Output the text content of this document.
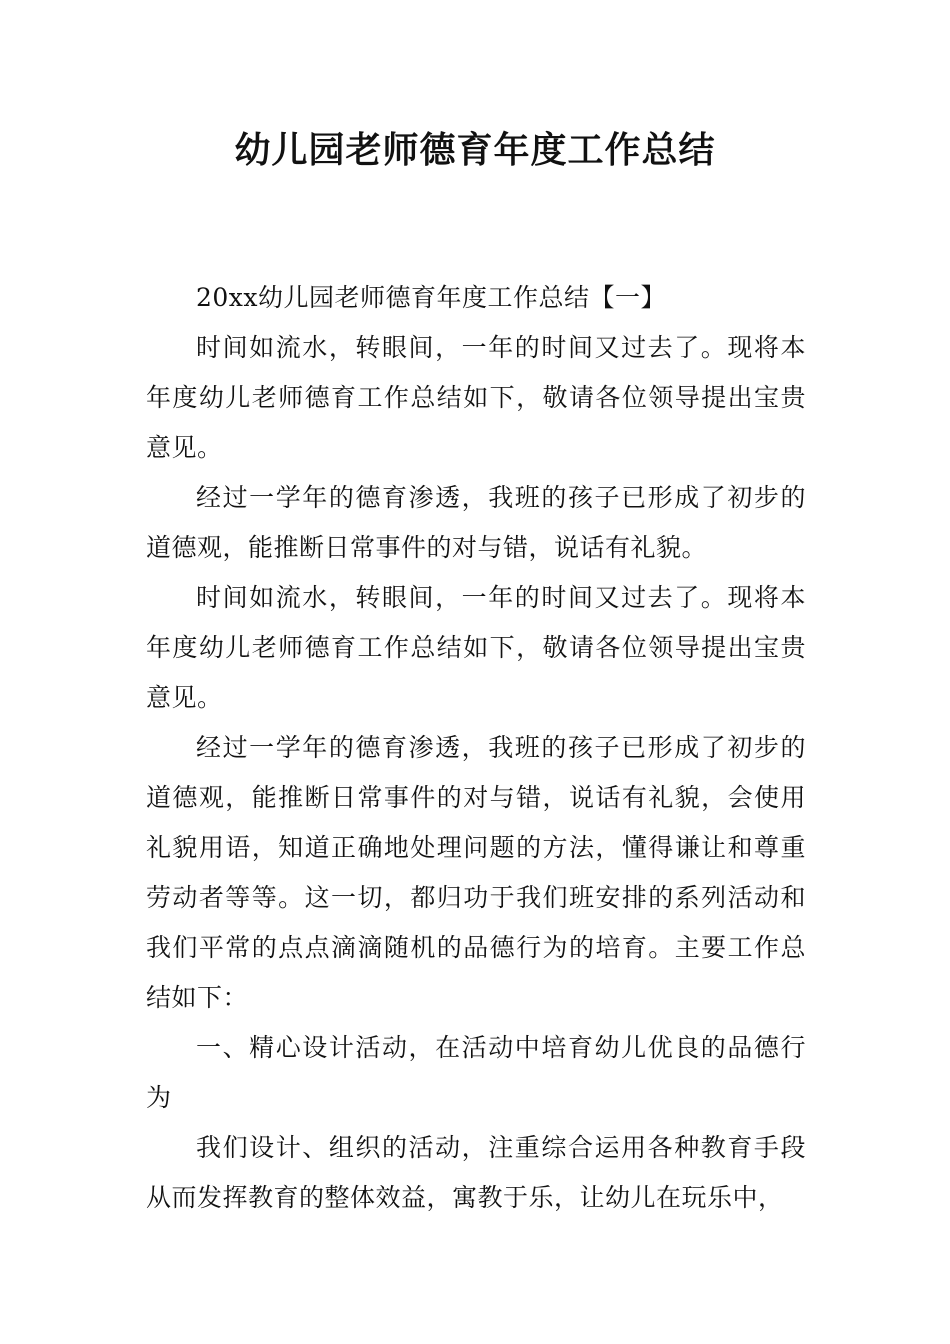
幼儿园老师德育年度工作总结

20xx幼儿园老师德育年度工作总结【一】

时间如流水，转眼间，一年的时间又过去了。现将本年度幼儿老师德育工作总结如下，敬请各位领导提出宝贵意见。

经过一学年的德育渗透，我班的孩子已形成了初步的道德观，能推断日常事件的对与错，说话有礼貌。

时间如流水，转眼间，一年的时间又过去了。现将本年度幼儿老师德育工作总结如下，敬请各位领导提出宝贵意见。

经过一学年的德育渗透，我班的孩子已形成了初步的道德观，能推断日常事件的对与错，说话有礼貌，会使用礼貌用语，知道正确地处理问题的方法，懂得谦让和尊重劳动者等等。这一切，都归功于我们班安排的系列活动和我们平常的点点滴滴随机的品德行为的培育。主要工作总结如下：

一、精心设计活动，在活动中培育幼儿优良的品德行为

我们设计、组织的活动，注重综合运用各种教育手段从而发挥教育的整体效益，寓教于乐，让幼儿在玩乐中，
